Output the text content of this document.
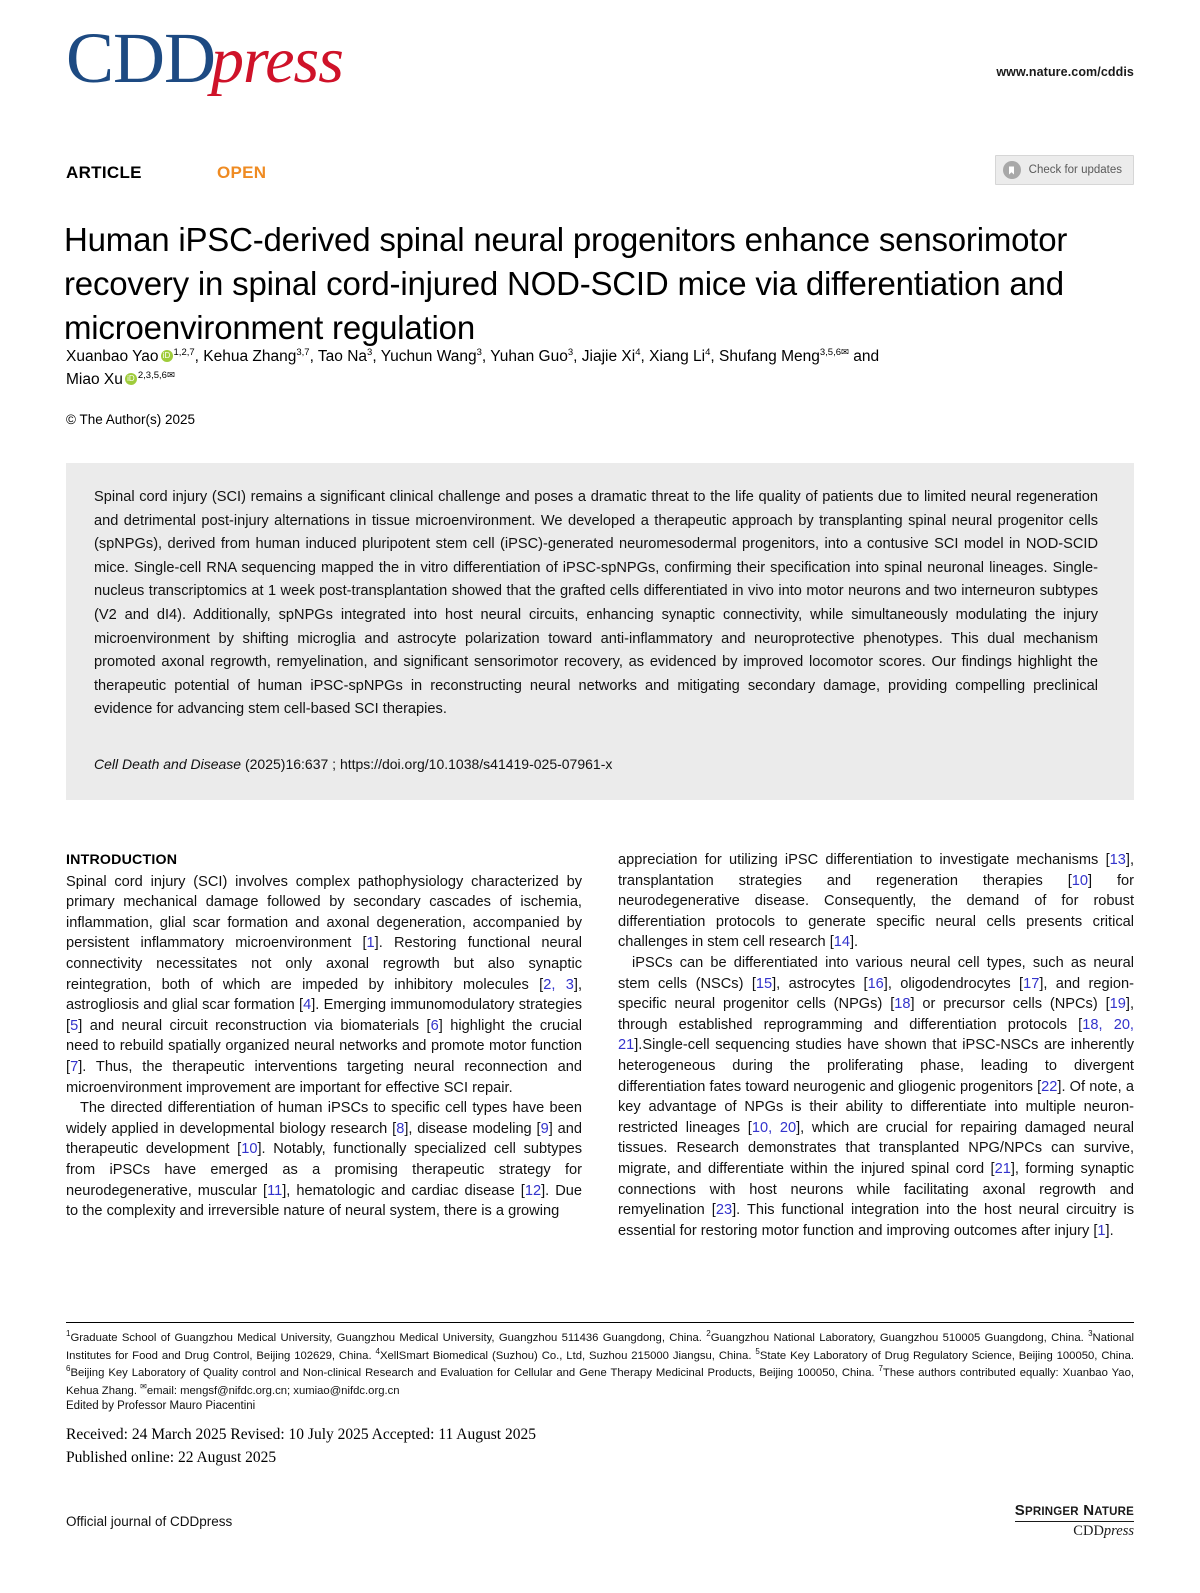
CDDpress	www.nature.com/cddis
ARTICLE	OPEN	Check for updates
Human iPSC-derived spinal neural progenitors enhance sensorimotor recovery in spinal cord-injured NOD-SCID mice via differentiation and microenvironment regulation
Xuanbao Yao iD $^{1,2,7}$, Kehua Zhang$^{3,7}$, Tao Na$^3$, Yuchun Wang$^3$, Yuhan Guo$^3$, Jiajie Xi$^4$, Xiang Li$^4$, Shufang Meng$^{3,5,6✉}$ and
Miao Xu iD $^{2,3,5,6✉}$
© The Author(s) 2025
Spinal cord injury (SCI) remains a significant clinical challenge and poses a dramatic threat to the life quality of patients due to limited neural regeneration and detrimental post-injury alternations in tissue microenvironment. We developed a therapeutic approach by transplanting spinal neural progenitor cells (spNPGs), derived from human induced pluripotent stem cell (iPSC)-generated neuromesodermal progenitors, into a contusive SCI model in NOD-SCID mice. Single-cell RNA sequencing mapped the in vitro differentiation of iPSC-spNPGs, confirming their specification into spinal neuronal lineages. Single-nucleus transcriptomics at 1 week post-transplantation showed that the grafted cells differentiated in vivo into motor neurons and two interneuron subtypes (V2 and dI4). Additionally, spNPGs integrated into host neural circuits, enhancing synaptic connectivity, while simultaneously modulating the injury microenvironment by shifting microglia and astrocyte polarization toward anti-inflammatory and neuroprotective phenotypes. This dual mechanism promoted axonal regrowth, remyelination, and significant sensorimotor recovery, as evidenced by improved locomotor scores. Our findings highlight the therapeutic potential of human iPSC-spNPGs in reconstructing neural networks and mitigating secondary damage, providing compelling preclinical evidence for advancing stem cell-based SCI therapies.
Cell Death and Disease (2025)16:637 ; https://doi.org/10.1038/s41419-025-07961-x
INTRODUCTION

Spinal cord injury (SCI) involves complex pathophysiology characterized by primary mechanical damage followed by secondary cascades of ischemia, inflammation, glial scar formation and axonal degeneration, accompanied by persistent inflammatory microenvironment [1]. Restoring functional neural connectivity necessitates not only axonal regrowth but also synaptic reintegration, both of which are impeded by inhibitory molecules [2, 3], astrogliosis and glial scar formation [4]. Emerging immunomodulatory strategies [5] and neural circuit reconstruction via biomaterials [6] highlight the crucial need to rebuild spatially organized neural networks and promote motor function [7]. Thus, the therapeutic interventions targeting neural reconnection and microenvironment improvement are important for effective SCI repair.

The directed differentiation of human iPSCs to specific cell types have been widely applied in developmental biology research [8], disease modeling [9] and therapeutic development [10]. Notably, functionally specialized cell subtypes from iPSCs have emerged as a promising therapeutic strategy for neurodegenerative, muscular [11], hematologic and cardiac disease [12]. Due to the complexity and irreversible nature of neural system, there is a growing

appreciation for utilizing iPSC differentiation to investigate mechanisms [13], transplantation strategies and regeneration therapies [10] for neurodegenerative disease. Consequently, the demand of for robust differentiation protocols to generate specific neural cells presents critical challenges in stem cell research [14].

iPSCs can be differentiated into various neural cell types, such as neural stem cells (NSCs) [15], astrocytes [16], oligodendrocytes [17], and region-specific neural progenitor cells (NPGs) [18] or precursor cells (NPCs) [19], through established reprogramming and differentiation protocols [18, 20, 21].Single-cell sequencing studies have shown that iPSC-NSCs are inherently heterogeneous during the proliferating phase, leading to divergent differentiation fates toward neurogenic and gliogenic progenitors [22]. Of note, a key advantage of NPGs is their ability to differentiate into multiple neuron-restricted lineages [10, 20], which are crucial for repairing damaged neural tissues. Research demonstrates that transplanted NPG/NPCs can survive, migrate, and differentiate within the injured spinal cord [21], forming synaptic connections with host neurons while facilitating axonal regrowth and remyelination [23]. This functional integration into the host neural circuitry is essential for restoring motor function and improving outcomes after injury [1].

$^1$Graduate School of Guangzhou Medical University, Guangzhou Medical University, Guangzhou 511436 Guangdong, China. $^2$Guangzhou National Laboratory, Guangzhou 510005 Guangdong, China. $^3$National Institutes for Food and Drug Control, Beijing 102629, China. $^4$XellSmart Biomedical (Suzhou) Co., Ltd, Suzhou 215000 Jiangsu, China. $^5$State Key Laboratory of Drug Regulatory Science, Beijing 100050, China. $^6$Beijing Key Laboratory of Quality control and Non-clinical Research and Evaluation for Cellular and Gene Therapy Medicinal Products, Beijing 100050, China. $^7$These authors contributed equally: Xuanbao Yao, Kehua Zhang. ✉email: mengsf@nifdc.org.cn; xumiao@nifdc.org.cn
Edited by Professor Mauro Piacentini
Received: 24 March 2025 Revised: 10 July 2025 Accepted: 11 August 2025
Published online: 22 August 2025
Official journal of CDDpress
SPRINGER NATURE
CDDpress
